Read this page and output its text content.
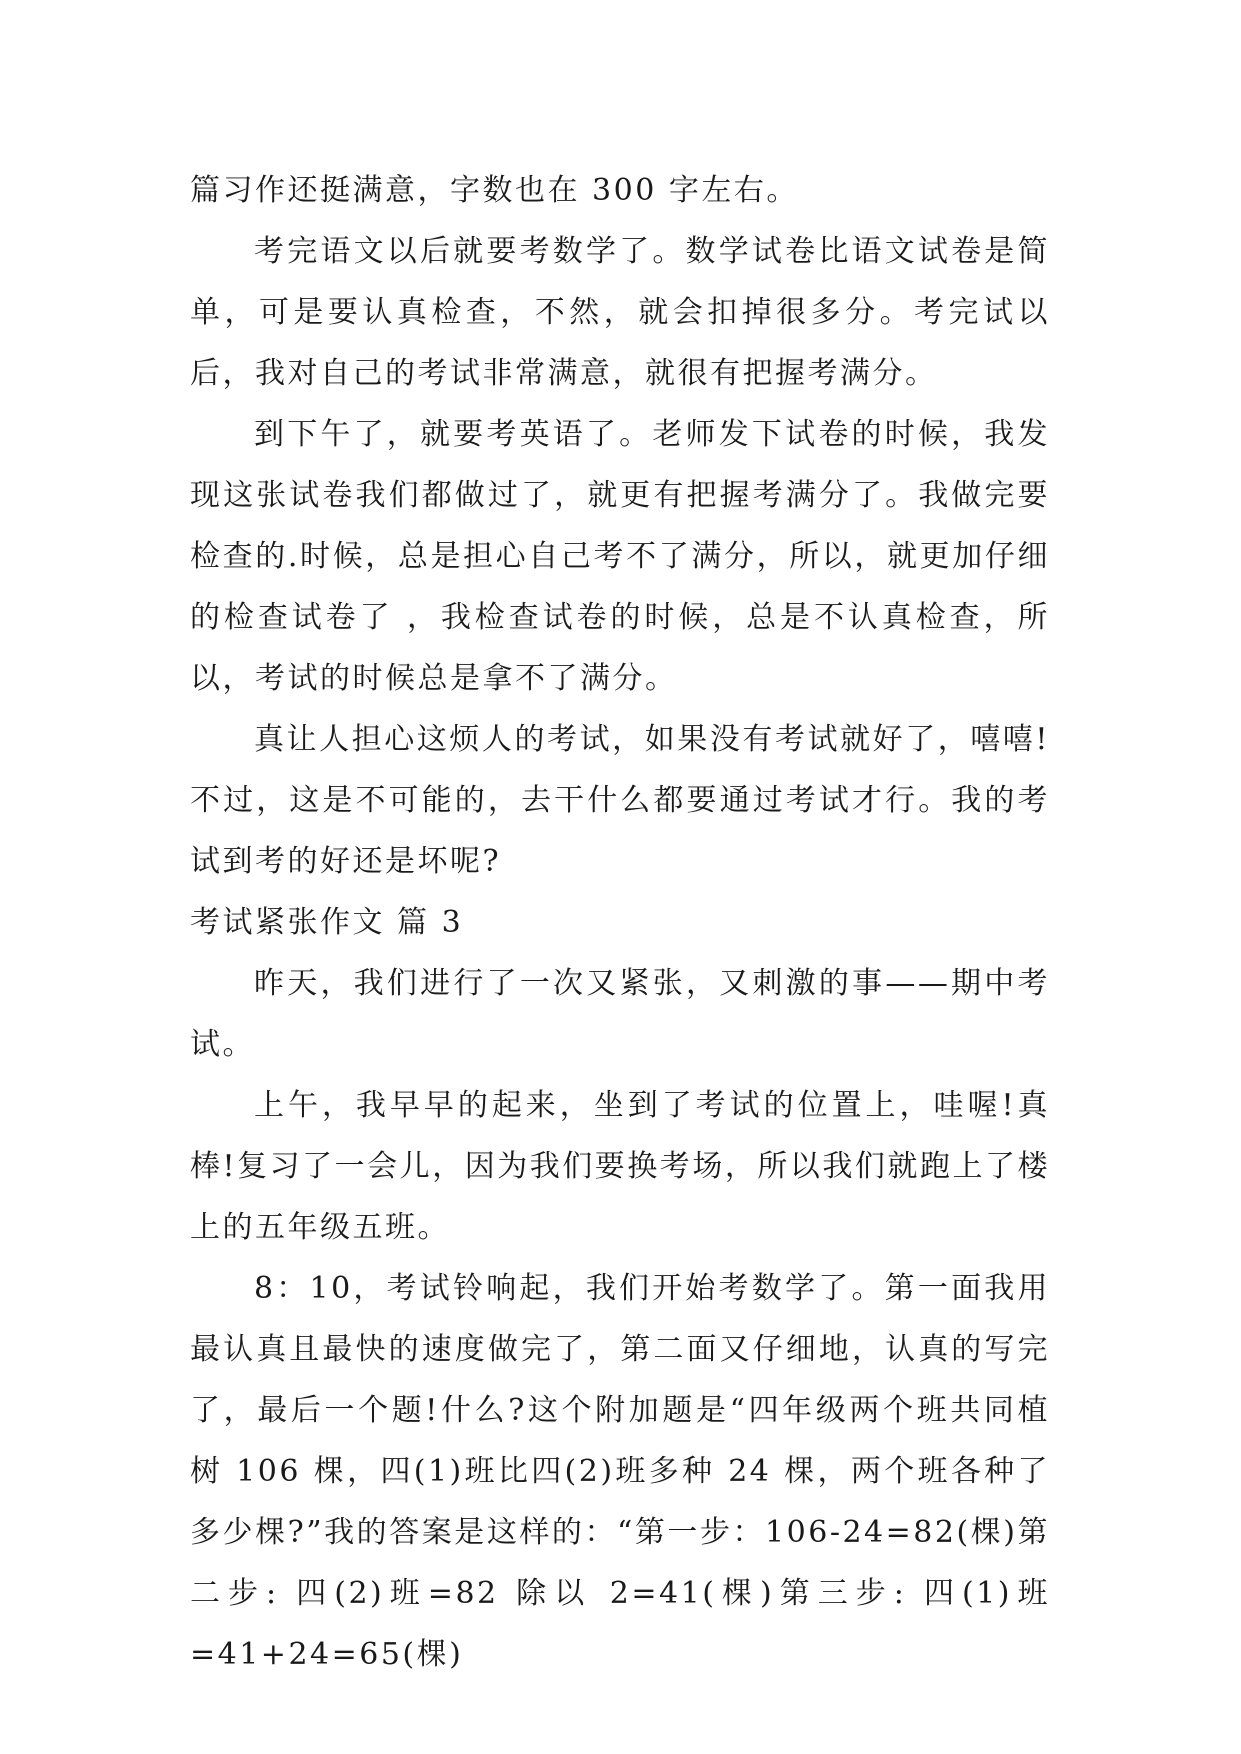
篇习作还挺满意，字数也在 300 字左右。

考完语文以后就要考数学了。数学试卷比语文试卷是简单，可是要认真检查，不然，就会扣掉很多分。考完试以后，我对自己的考试非常满意，就很有把握考满分。

到下午了，就要考英语了。老师发下试卷的时候，我发现这张试卷我们都做过了，就更有把握考满分了。我做完要检查的.时候，总是担心自己考不了满分，所以，就更加仔细的检查试卷了 ，我检查试卷的时候，总是不认真检查，所以，考试的时候总是拿不了满分。

真让人担心这烦人的考试，如果没有考试就好了，嘻嘻!不过，这是不可能的，去干什么都要通过考试才行。我的考试到考的好还是坏呢?

考试紧张作文 篇 3

昨天，我们进行了一次又紧张，又刺激的事——期中考试。

上午，我早早的起来，坐到了考试的位置上，哇喔!真棒!复习了一会儿，因为我们要换考场，所以我们就跑上了楼上的五年级五班。

8：10，考试铃响起，我们开始考数学了。第一面我用最认真且最快的速度做完了，第二面又仔细地，认真的写完了，最后一个题!什么?这个附加题是“四年级两个班共同植树 106 棵，四(1)班比四(2)班多种 24 棵，两个班各种了多少棵?”我的答案是这样的：“第一步：106-24=82(棵)第二步: 四(2)班=82 除以 2=41(棵)第三步: 四(1)班=41+24=65(棵)
